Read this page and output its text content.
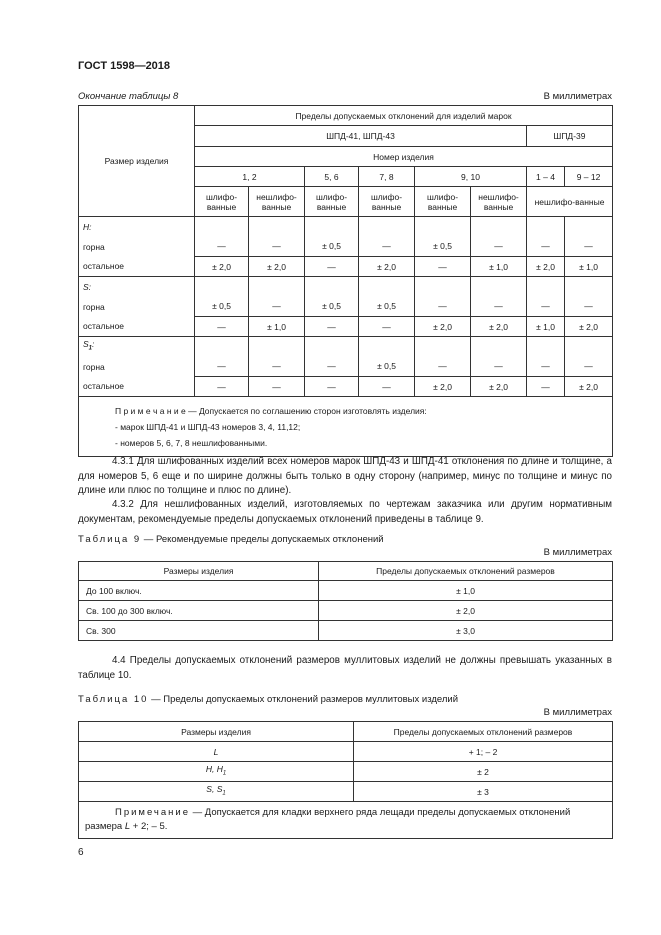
ГОСТ 1598—2018
Окончание таблицы 8	В миллиметрах
Размер изделия	Пределы допускаемых отклонений для изделий марок							
	ШПД-41, ШПД-43						ШПД-39	
	Номер изделия							
	1, 2		5, 6	7, 8	9, 10		1 – 4	9 – 12
	шлифо-ванные	нешлифо-ванные	шлифо-ванные	шлифо-ванные	шлифо-ванные	нешлифо-ванные	нешлифо-ванные	
H:								
горна	—	—	± 0,5	—	± 0,5	—	—	—
остальное	± 2,0	± 2,0	—	± 2,0	—	± 1,0	± 2,0	± 1,0
S:								
горна	± 0,5	—	± 0,5	± 0,5	—	—	—	—
остальное	—	± 1,0	—	—	± 2,0	± 2,0	± 1,0	± 2,0
$S_1$:								
горна	—	—	—	± 0,5	—	—	—	—
остальное	—	—	—	—	± 2,0	± 2,0	—	± 2,0

П р и м е ч а н и е — Допускается по соглашению сторон изготовлять изделия:
- марок ШПД-41 и ШПД-43 номеров 3, 4, 11,12;
- номеров 5, 6, 7, 8 нешлифованными.								
4.3.1 Для шлифованных изделий всех номеров марок ШПД-43 и ШПД-41 отклонения по длине и толщине, а для номеров 5, 6 еще и по ширине должны быть только в одну сторону (например, минус по толщине и минус по длине или плюс по толщине и плюс по длине).
4.3.2 Для нешлифованных изделий, изготовляемых по чертежам заказчика или другим нормативным документам, рекомендуемые пределы допускаемых отклонений приведены в таблице 9.
Таблица 9 — Рекомендуемые пределы допускаемых отклонений
В миллиметрах
Размеры изделия	Пределы допускаемых отклонений размеров
До 100 включ.	± 1,0
Св. 100 до 300 включ.	± 2,0
Св. 300	± 3,0
4.4 Пределы допускаемых отклонений размеров муллитовых изделий не должны превышать указанных в таблице 10.
Таблица 10 — Пределы допускаемых отклонений размеров муллитовых изделий
В миллиметрах
Размеры изделия	Пределы допускаемых отклонений размеров
L	+ 1; – 2
H, $H_1$	± 2
S, $S_1$	± 3
Примечание — Допускается для кладки верхнего ряда лещади пределы допускаемых отклонений размера L + 2; – 5.	
6
